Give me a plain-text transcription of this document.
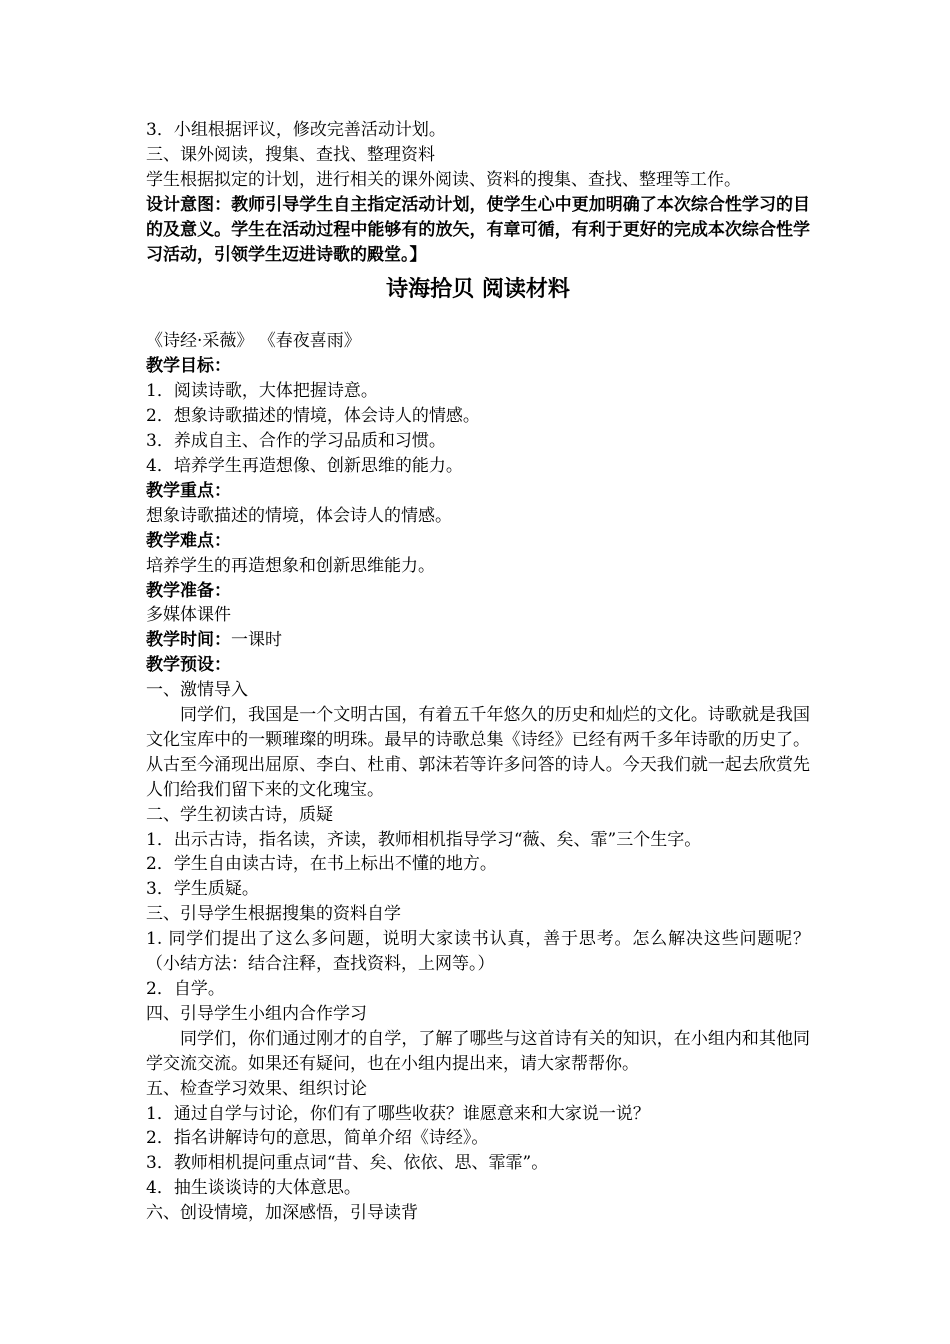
3．小组根据评议，修改完善活动计划。

三、课外阅读，搜集、查找、整理资料

学生根据拟定的计划，进行相关的课外阅读、资料的搜集、查找、整理等工作。

设计意图：教师引导学生自主指定活动计划，使学生心中更加明确了本次综合性学习的目的及意义。学生在活动过程中能够有的放矢，有章可循，有利于更好的完成本次综合性学习活动，引领学生迈进诗歌的殿堂。】

诗海拾贝 阅读材料

《诗经·采薇》 《春夜喜雨》

教学目标：

1．阅读诗歌，大体把握诗意。

2．想象诗歌描述的情境，体会诗人的情感。

3．养成自主、合作的学习品质和习惯。

4．培养学生再造想像、创新思维的能力。

教学重点：

想象诗歌描述的情境，体会诗人的情感。

教学难点：

培养学生的再造想象和创新思维能力。

教学准备：

多媒体课件

教学时间：一课时

教学预设：

一、激情导入

同学们，我国是一个文明古国，有着五千年悠久的历史和灿烂的文化。诗歌就是我国文化宝库中的一颗璀璨的明珠。最早的诗歌总集《诗经》已经有两千多年诗歌的历史了。从古至今涌现出屈原、李白、杜甫、郭沫若等许多问答的诗人。今天我们就一起去欣赏先人们给我们留下来的文化瑰宝。

二、学生初读古诗，质疑

1．出示古诗，指名读，齐读，教师相机指导学习“薇、矣、霏”三个生字。

2．学生自由读古诗，在书上标出不懂的地方。

3．学生质疑。

三、引导学生根据搜集的资料自学

1. 同学们提出了这么多问题，说明大家读书认真，善于思考。怎么解决这些问题呢？（小结方法：结合注释，查找资料，上网等。）

2．自学。

四、引导学生小组内合作学习

同学们，你们通过刚才的自学，了解了哪些与这首诗有关的知识，在小组内和其他同学交流交流。如果还有疑问，也在小组内提出来，请大家帮帮你。

五、检查学习效果、组织讨论

1．通过自学与讨论，你们有了哪些收获？谁愿意来和大家说一说？

2．指名讲解诗句的意思，简单介绍《诗经》。

3．教师相机提问重点词“昔、矣、依依、思、霏霏”。

4．抽生谈谈诗的大体意思。

六、创设情境，加深感悟，引导读背
